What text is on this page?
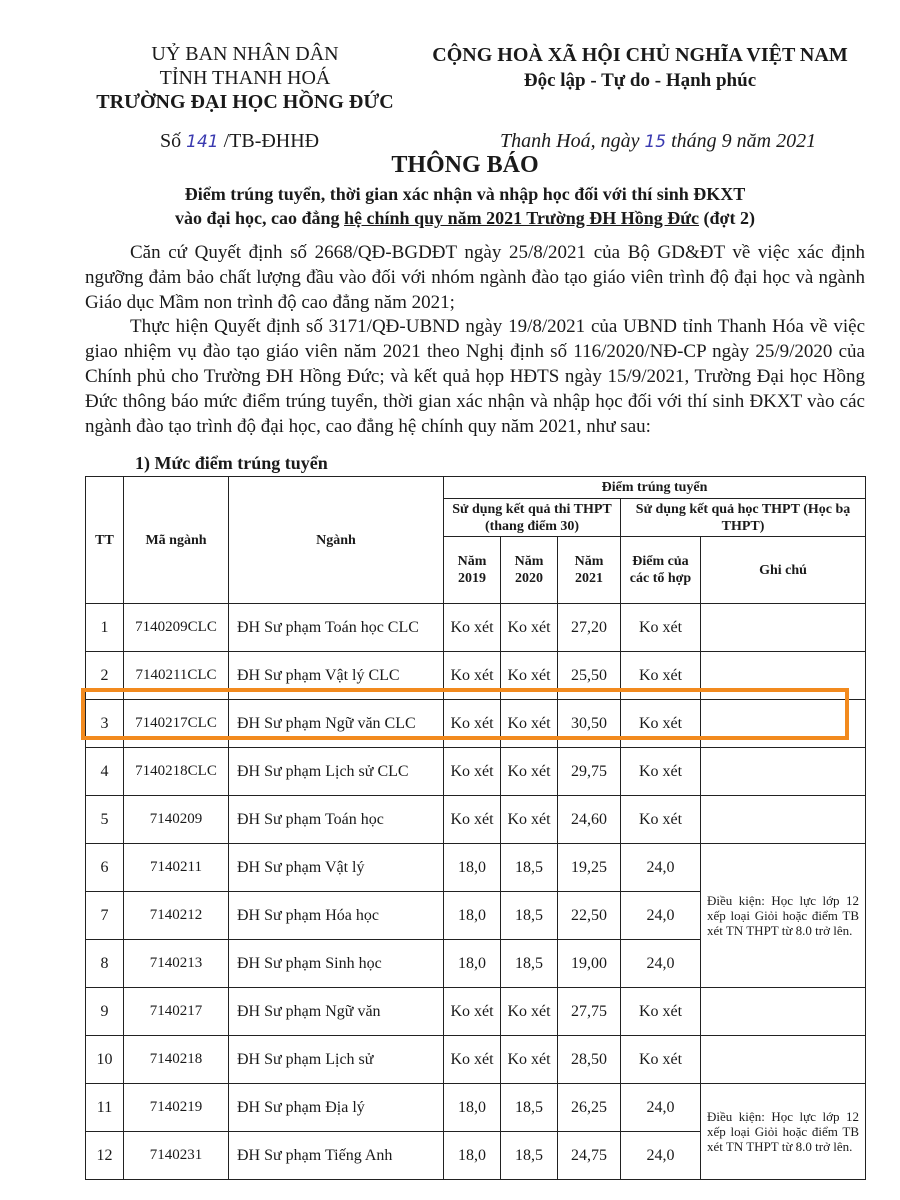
UỶ BAN NHÂN DÂN
TỈNH THANH HOÁ
TRƯỜNG ĐẠI HỌC HỒNG ĐỨC
CỘNG HOÀ XÃ HỘI CHỦ NGHĨA VIỆT NAM
Độc lập - Tự do - Hạnh phúc
Số 141 /TB-ĐHHĐ	Thanh Hoá, ngày 15 tháng 9 năm 2021
THÔNG BÁO
Điểm trúng tuyển, thời gian xác nhận và nhập học đối với thí sinh ĐKXT
vào đại học, cao đẳng hệ chính quy năm 2021 Trường ĐH Hồng Đức (đợt 2)
Căn cứ Quyết định số 2668/QĐ-BGDĐT ngày 25/8/2021 của Bộ GD&ĐT về việc xác định ngưỡng đảm bảo chất lượng đầu vào đối với nhóm ngành đào tạo giáo viên trình độ đại học và ngành Giáo dục Mầm non trình độ cao đẳng năm 2021;
Thực hiện Quyết định số 3171/QĐ-UBND ngày 19/8/2021 của UBND tỉnh Thanh Hóa về việc giao nhiệm vụ đào tạo giáo viên năm 2021 theo Nghị định số 116/2020/NĐ-CP ngày 25/9/2020 của Chính phủ cho Trường ĐH Hồng Đức; và kết quả họp HĐTS ngày 15/9/2021, Trường Đại học Hồng Đức thông báo mức điểm trúng tuyển, thời gian xác nhận và nhập học đối với thí sinh ĐKXT vào các ngành đào tạo trình độ đại học, cao đẳng hệ chính quy năm 2021, như sau:
1) Mức điểm trúng tuyển
TT	Mã ngành	Ngành	Điểm trúng tuyển				
			Sử dụng kết quả thi THPT (thang điểm 30)			Sử dụng kết quả học THPT (Học bạ THPT)	
			Năm 2019	Năm 2020	Năm 2021	Điểm của các tổ hợp	Ghi chú
1	7140209CLC	ĐH Sư phạm Toán học CLC	Ko xét	Ko xét	27,20	Ko xét	
2	7140211CLC	ĐH Sư phạm Vật lý CLC	Ko xét	Ko xét	25,50	Ko xét	
3	7140217CLC	ĐH Sư phạm Ngữ văn CLC	Ko xét	Ko xét	30,50	Ko xét	
4	7140218CLC	ĐH Sư phạm Lịch sử CLC	Ko xét	Ko xét	29,75	Ko xét	
5	7140209	ĐH Sư phạm Toán học	Ko xét	Ko xét	24,60	Ko xét	
6	7140211	ĐH Sư phạm Vật lý	18,0	18,5	19,25	24,0	Điều kiện: Học lực lớp 12 xếp loại Giỏi hoặc điểm TB xét TN THPT từ 8.0 trở lên.
7	7140212	ĐH Sư phạm Hóa học	18,0	18,5	22,50	24,0	
8	7140213	ĐH Sư phạm Sinh học	18,0	18,5	19,00	24,0	
9	7140217	ĐH Sư phạm Ngữ văn	Ko xét	Ko xét	27,75	Ko xét	
10	7140218	ĐH Sư phạm Lịch sử	Ko xét	Ko xét	28,50	Ko xét	
11	7140219	ĐH Sư phạm Địa lý	18,0	18,5	26,25	24,0	Điều kiện: Học lực lớp 12 xếp loại Giỏi hoặc điểm TB xét TN THPT từ 8.0 trở lên.
12	7140231	ĐH Sư phạm Tiếng Anh	18,0	18,5	24,75	24,0	
